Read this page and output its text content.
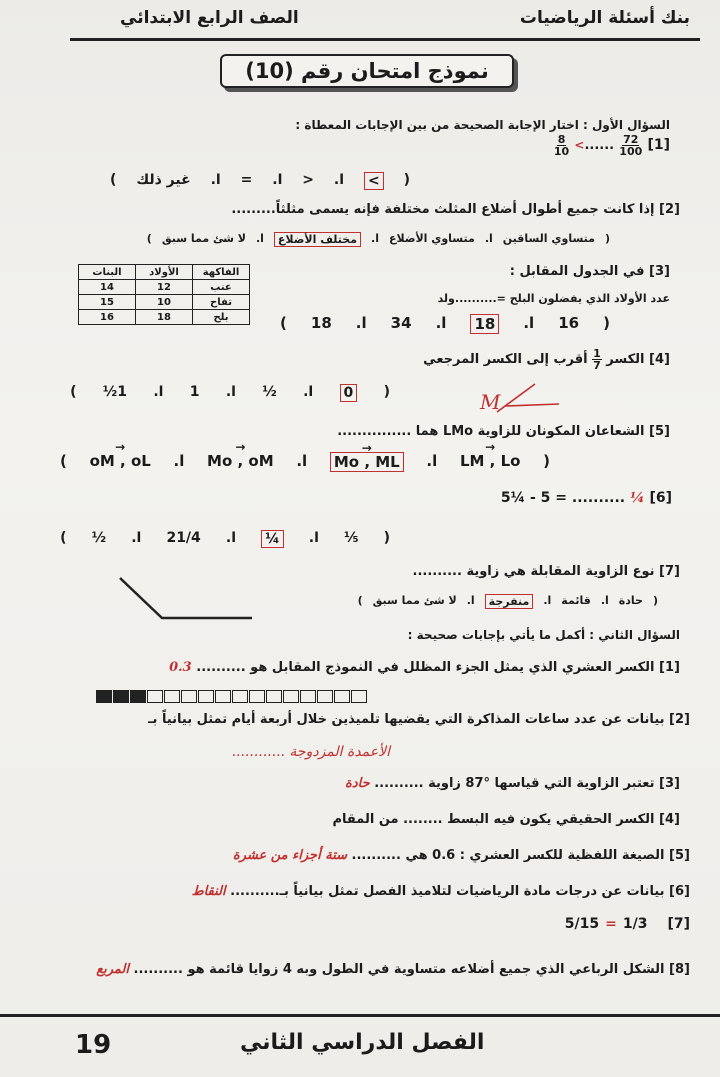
بنك أسئلة الرياضيات
الصف الرابع الابتدائي
نموذج امتحان رقم (10)
السؤال الأول : اختار الإجابة الصحيحة من بين الإجابات المعطاة :
$\frac{8}{10}$ <...... $\frac{72}{100} [1]$
(
>
ا.
<
ا.
=
ا.
غير ذلك
)
[2] إذا كانت جميع أطوال أضلاع المثلث مختلفة فإنه يسمى مثلثاً.........
(
متساوي الساقين
ا.
متساوي الأضلاع
ا.
مختلف الأضلاع
ا.
لا شئ مما سبق
)
[3] في الجدول المقابل :
عدد الأولاد الذي يفضلون البلح =..........ولد
الفاكهة	الأولاد	البنات
عنب	12	14
تفاح	10	15
بلح	18	16	(
16
ا.
18
ا.
34
ا.
18
)
[4] الكسر
$\frac{1}{7}$
أقرب إلى الكسر المرجعي
M
(
0
ا.
½
ا.
1
ا.
1½
)
[5] الشعاعان المكونان للزاوية LMo هما ...............
(
→ LM , Lo
ا.
→ Mo , ML
ا.
→ Mo , oM
ا.
→ oM , oL
)
5¼ - 5 = .......... ¼ [6]
(
⅕
ا.
¼
ا.
21/4
ا.
½
)
[7] نوع الزاوية المقابلة هي زاوية ..........
(
حادة
ا.
قائمة
ا.
منفرجة
ا.
لا شئ مما سبق
)
السؤال الثاني : أكمل ما يأتي بإجابات صحيحة :
[1] الكسر العشري الذي يمثل الجزء المظلل في النموذج المقابل هو .......... 0.3
[2] بيانات عن عدد ساعات المذاكرة التي يقضيها تلميذين خلال أربعة أيام تمثل بيانياً بـ
الأعمدة المزدوجة ............
[3] تعتبر الزاوية التي قياسها °87 زاوية .......... حادة
[4] الكسر الحقيقي يكون فيه البسط ........ من المقام
[5] الصيغة اللفظية للكسر العشري : 0.6 هي .......... ستة أجزاء من عشرة
[6] بيانات عن درجات مادة الرياضيات لتلاميذ الفصل تمثل بيانياً بـ.......... النقاط
5/15 = 1/3 [7]
[8] الشكل الرباعي الذي جميع أضلاعه متساوية في الطول وبه 4 زوايا قائمة هو .......... المربع
19	الفصل الدراسي الثاني
